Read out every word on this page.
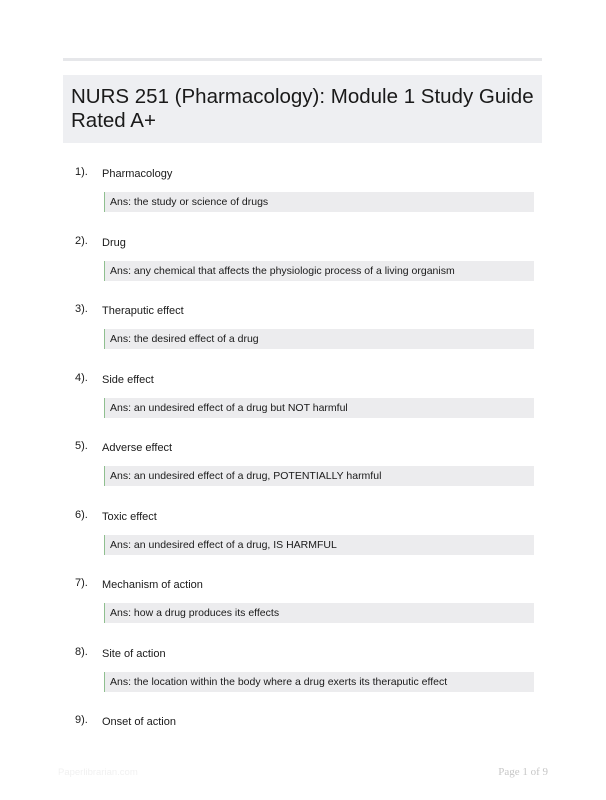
NURS 251 (Pharmacology): Module 1 Study Guide Rated A+
1). Pharmacology
Ans: the study or science of drugs
2). Drug
Ans: any chemical that affects the physiologic process of a living organism
3). Theraputic effect
Ans: the desired effect of a drug
4). Side effect
Ans: an undesired effect of a drug but NOT harmful
5). Adverse effect
Ans: an undesired effect of a drug, POTENTIALLY harmful
6). Toxic effect
Ans: an undesired effect of a drug, IS HARMFUL
7). Mechanism of action
Ans: how a drug produces its effects
8). Site of action
Ans: the location within the body where a drug exerts its theraputic effect
9). Onset of action
Paperlibrarian.com	Page 1 of 9
